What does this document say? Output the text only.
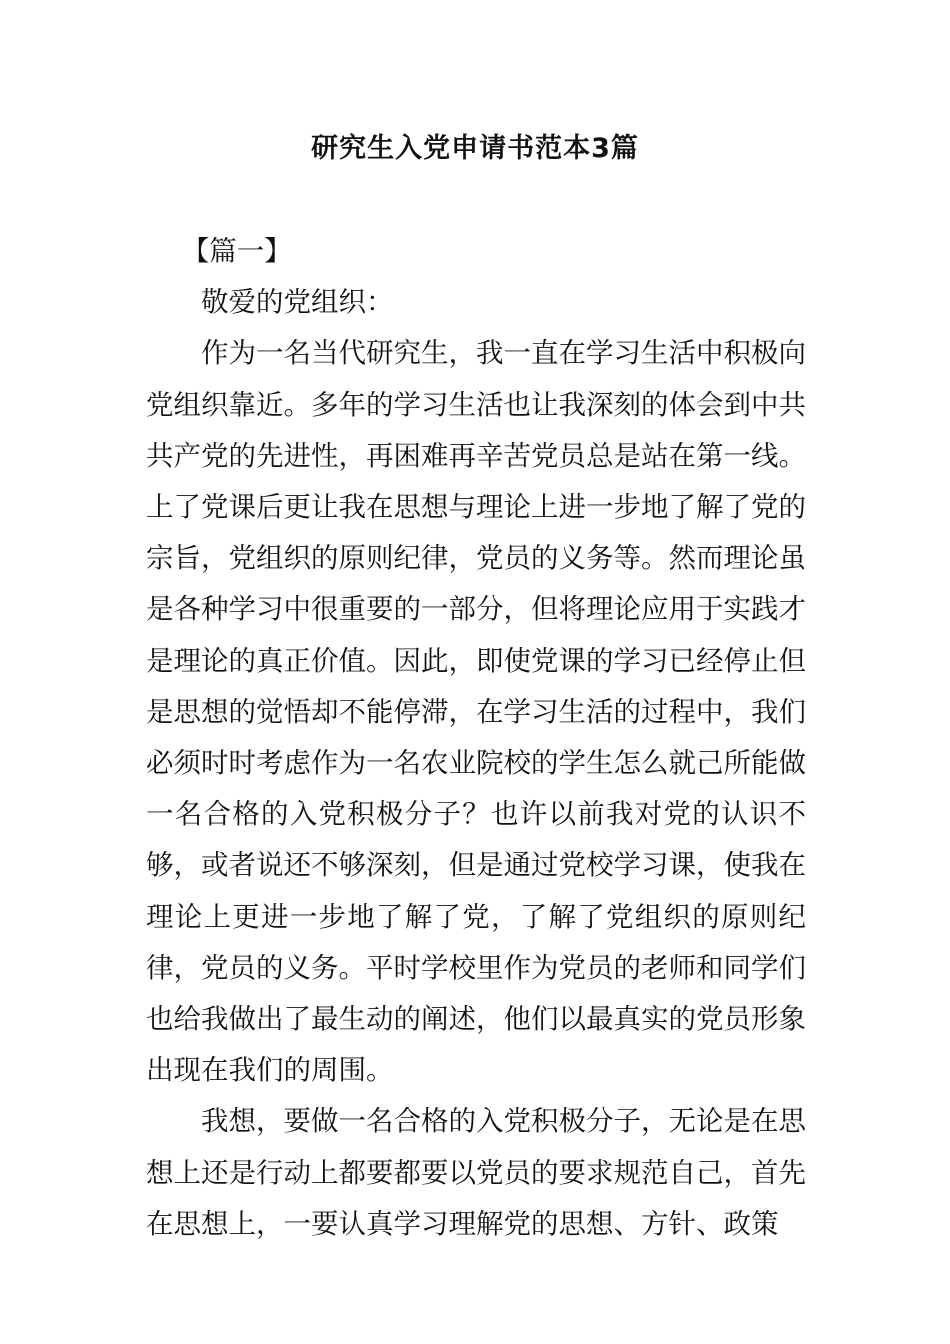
研究生入党申请书范本3篇

【篇一】

敬爱的党组织：

作为一名当代研究生，我一直在学习生活中积极向党组织靠近。多年的学习生活也让我深刻的体会到中共共产党的先进性，再困难再辛苦党员总是站在第一线。上了党课后更让我在思想与理论上进一步地了解了党的宗旨，党组织的原则纪律，党员的义务等。然而理论虽是各种学习中很重要的一部分，但将理论应用于实践才是理论的真正价值。因此，即使党课的学习已经停止但是思想的觉悟却不能停滞，在学习生活的过程中，我们必须时时考虑作为一名农业院校的学生怎么就己所能做一名合格的入党积极分子？也许以前我对党的认识不够，或者说还不够深刻，但是通过党校学习课，使我在理论上更进一步地了解了党，了解了党组织的原则纪律，党员的义务。平时学校里作为党员的老师和同学们也给我做出了最生动的阐述，他们以最真实的党员形象出现在我们的周围。

我想，要做一名合格的入党积极分子，无论是在思想上还是行动上都要都要以党员的要求规范自己，首先在思想上，一要认真学习理解党的思想、方针、政策
